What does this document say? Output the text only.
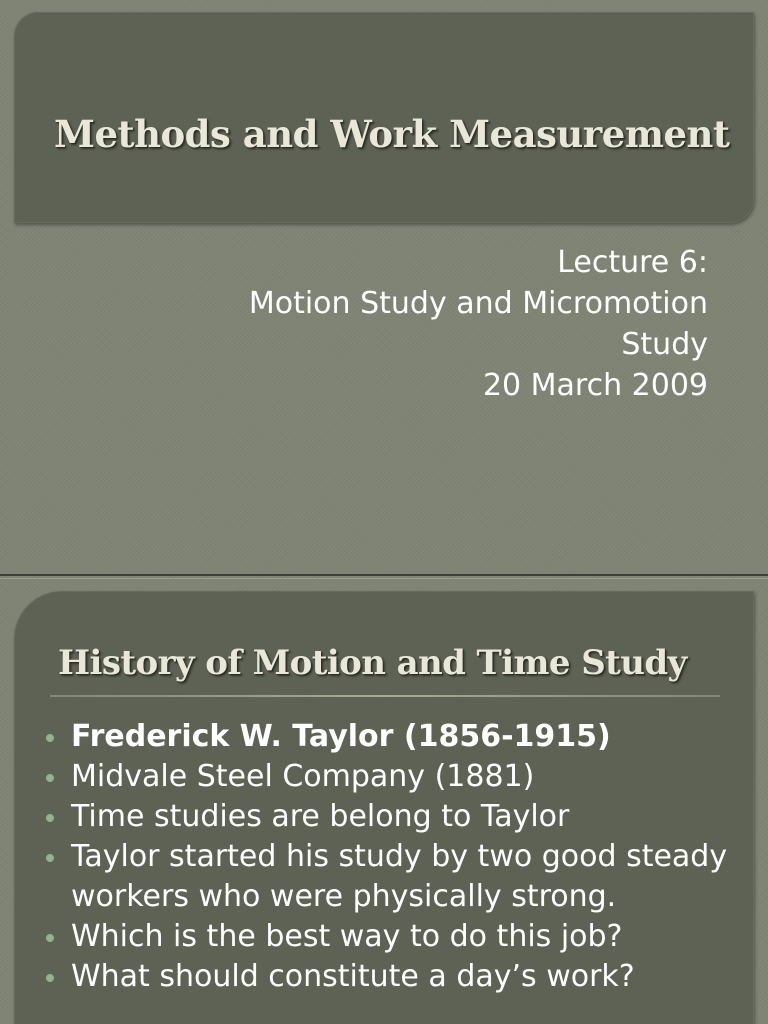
Methods and Work Measurement
Lecture 6:
Motion Study and Micromotion
Study
20 March 2009
History of Motion and Time Study
Frederick W. Taylor (1856-1915)
Midvale Steel Company (1881)
Time studies are belong to Taylor
Taylor started his study by two good steady workers who were physically strong.
Which is the best way to do this job?
What should constitute a day’s work?
